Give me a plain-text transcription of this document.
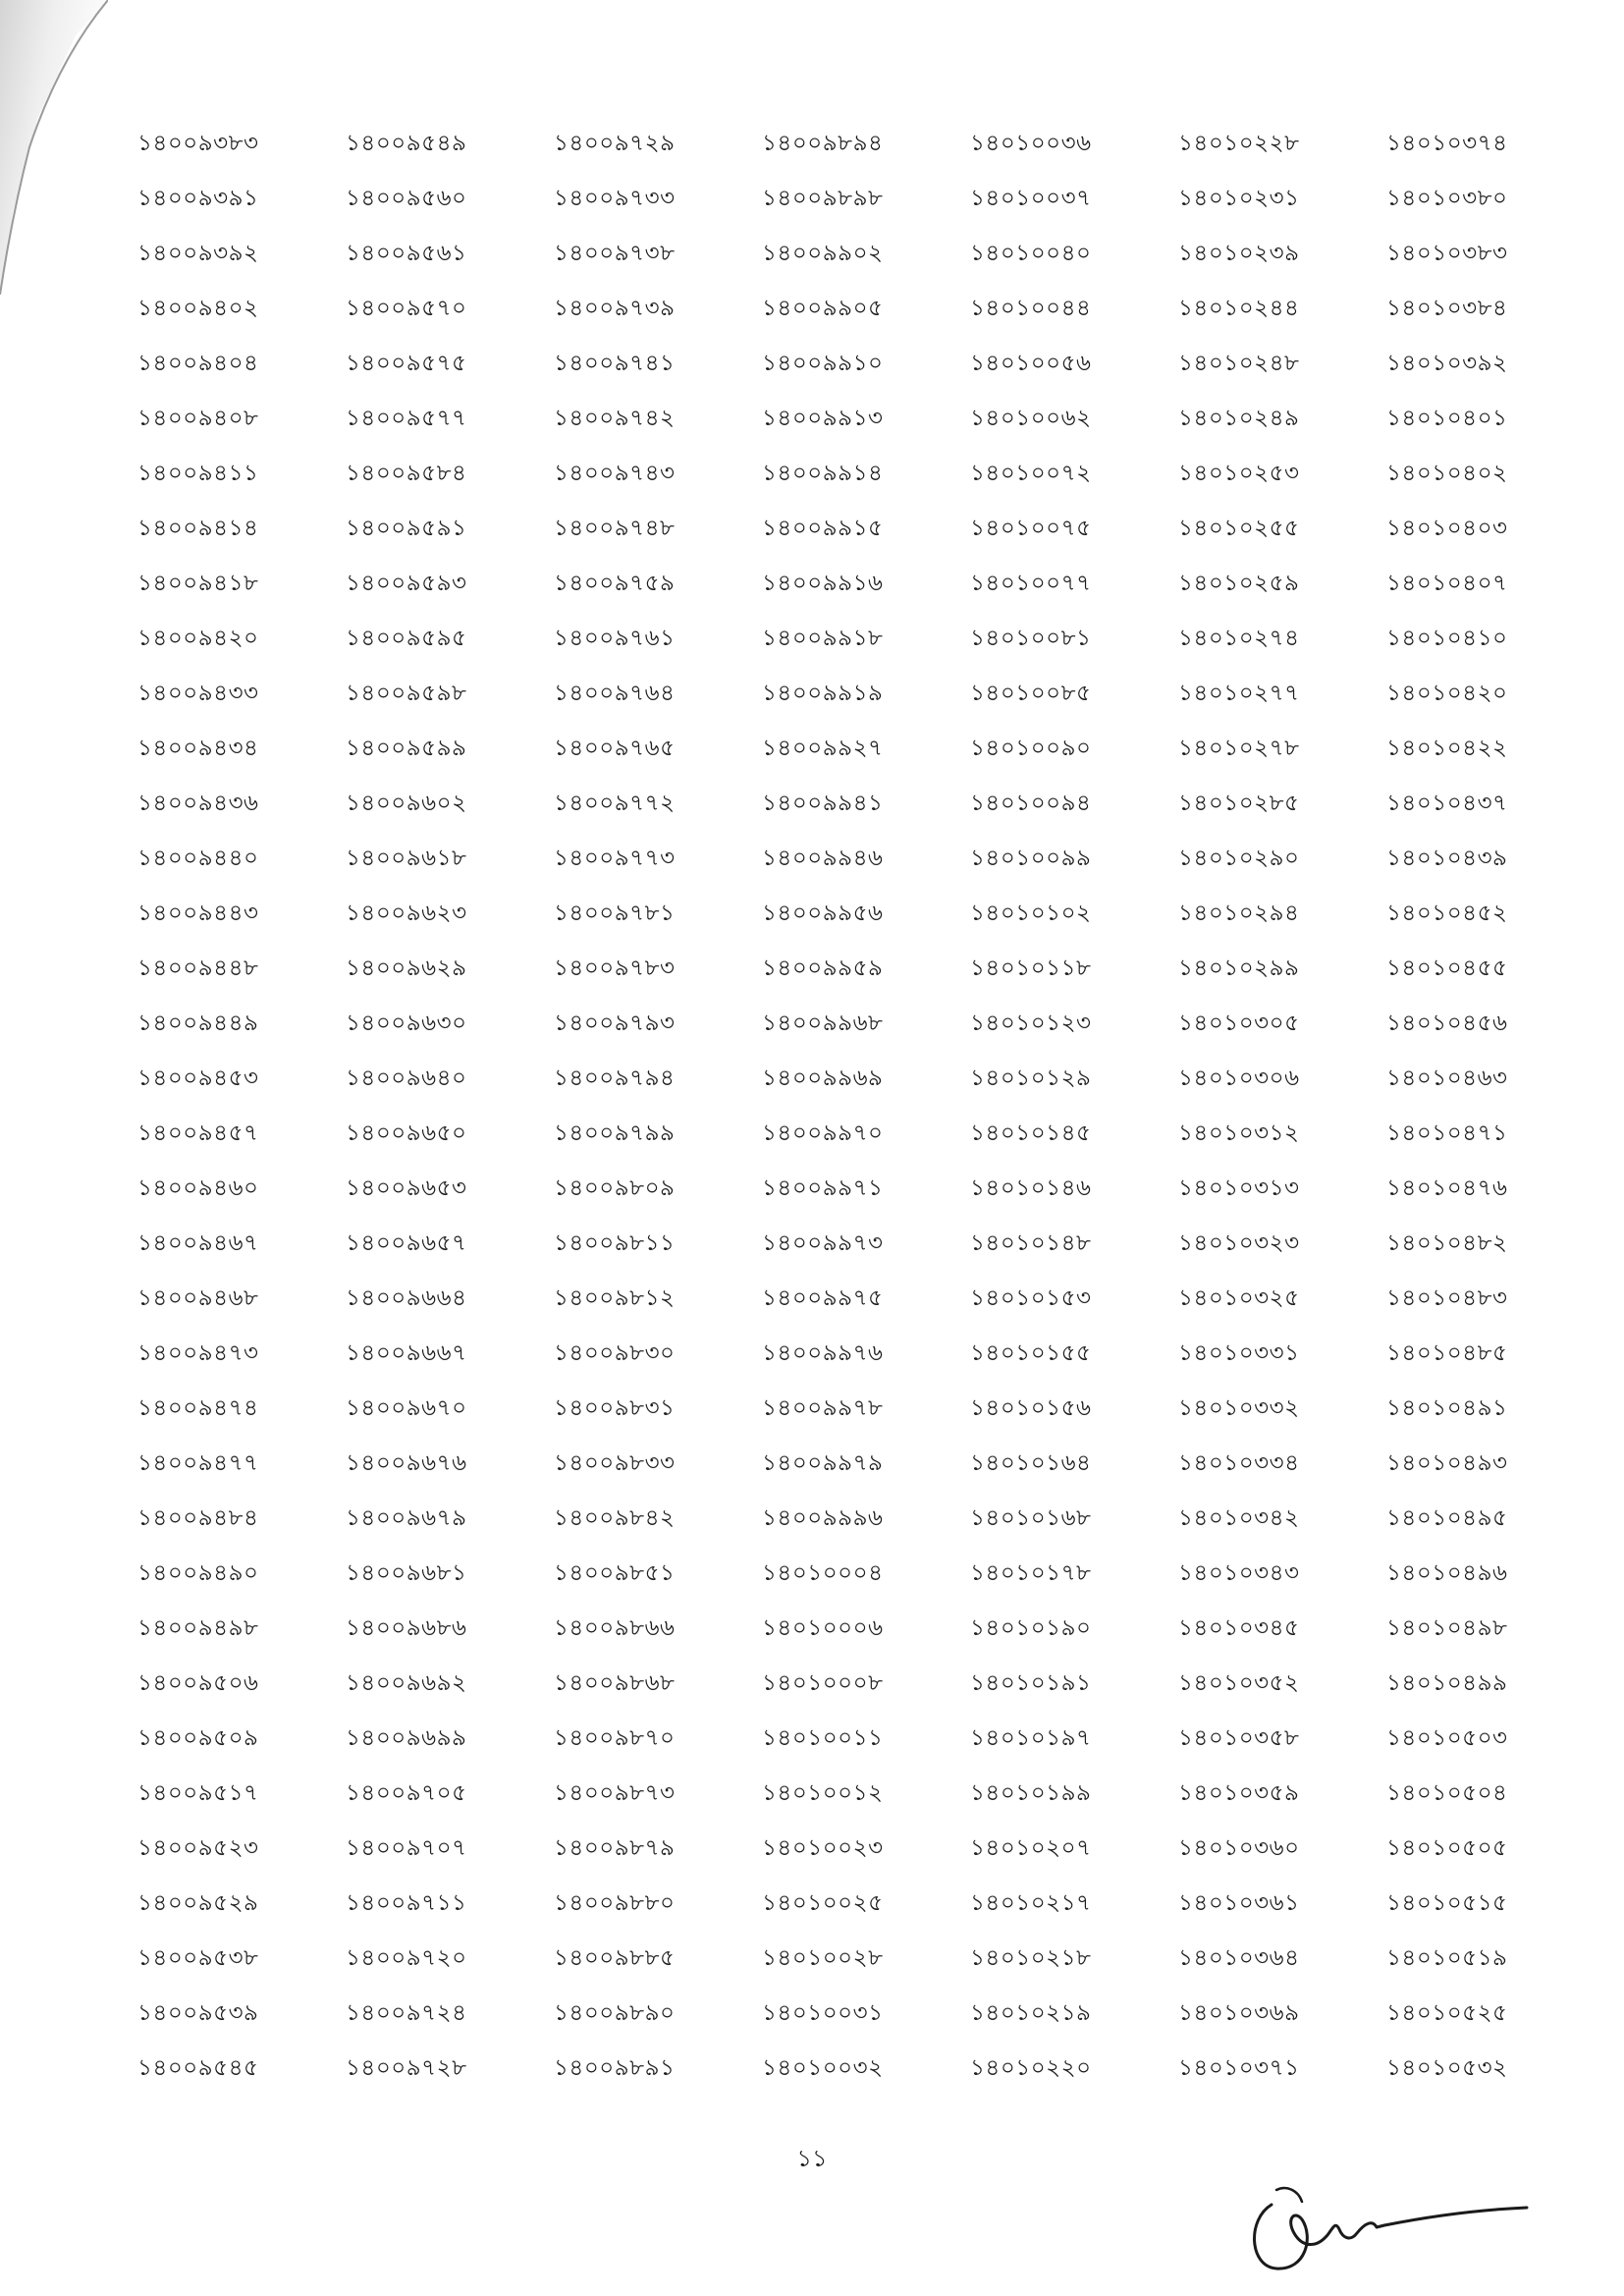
১৪০০৯৩৮৩	১৪০০৯৫৪৯	১৪০০৯৭২৯	১৪০০৯৮৯৪	১৪০১০০৩৬	১৪০১০২২৮	১৪০১০৩৭৪
১৪০০৯৩৯১	১৪০০৯৫৬০	১৪০০৯৭৩৩	১৪০০৯৮৯৮	১৪০১০০৩৭	১৪০১০২৩১	১৪০১০৩৮০
১৪০০৯৩৯২	১৪০০৯৫৬১	১৪০০৯৭৩৮	১৪০০৯৯০২	১৪০১০০৪০	১৪০১০২৩৯	১৪০১০৩৮৩
১৪০০৯৪০২	১৪০০৯৫৭০	১৪০০৯৭৩৯	১৪০০৯৯০৫	১৪০১০০৪৪	১৪০১০২৪৪	১৪০১০৩৮৪
১৪০০৯৪০৪	১৪০০৯৫৭৫	১৪০০৯৭৪১	১৪০০৯৯১০	১৪০১০০৫৬	১৪০১০২৪৮	১৪০১০৩৯২
১৪০০৯৪০৮	১৪০০৯৫৭৭	১৪০০৯৭৪২	১৪০০৯৯১৩	১৪০১০০৬২	১৪০১০২৪৯	১৪০১০৪০১
১৪০০৯৪১১	১৪০০৯৫৮৪	১৪০০৯৭৪৩	১৪০০৯৯১৪	১৪০১০০৭২	১৪০১০২৫৩	১৪০১০৪০২
১৪০০৯৪১৪	১৪০০৯৫৯১	১৪০০৯৭৪৮	১৪০০৯৯১৫	১৪০১০০৭৫	১৪০১০২৫৫	১৪০১০৪০৩
১৪০০৯৪১৮	১৪০০৯৫৯৩	১৪০০৯৭৫৯	১৪০০৯৯১৬	১৪০১০০৭৭	১৪০১০২৫৯	১৪০১০৪০৭
১৪০০৯৪২০	১৪০০৯৫৯৫	১৪০০৯৭৬১	১৪০০৯৯১৮	১৪০১০০৮১	১৪০১০২৭৪	১৪০১০৪১০
১৪০০৯৪৩৩	১৪০০৯৫৯৮	১৪০০৯৭৬৪	১৪০০৯৯১৯	১৪০১০০৮৫	১৪০১০২৭৭	১৪০১০৪২০
১৪০০৯৪৩৪	১৪০০৯৫৯৯	১৪০০৯৭৬৫	১৪০০৯৯২৭	১৪০১০০৯০	১৪০১০২৭৮	১৪০১০৪২২
১৪০০৯৪৩৬	১৪০০৯৬০২	১৪০০৯৭৭২	১৪০০৯৯৪১	১৪০১০০৯৪	১৪০১০২৮৫	১৪০১০৪৩৭
১৪০০৯৪৪০	১৪০০৯৬১৮	১৪০০৯৭৭৩	১৪০০৯৯৪৬	১৪০১০০৯৯	১৪০১০২৯০	১৪০১০৪৩৯
১৪০০৯৪৪৩	১৪০০৯৬২৩	১৪০০৯৭৮১	১৪০০৯৯৫৬	১৪০১০১০২	১৪০১০২৯৪	১৪০১০৪৫২
১৪০০৯৪৪৮	১৪০০৯৬২৯	১৪০০৯৭৮৩	১৪০০৯৯৫৯	১৪০১০১১৮	১৪০১০২৯৯	১৪০১০৪৫৫
১৪০০৯৪৪৯	১৪০০৯৬৩০	১৪০০৯৭৯৩	১৪০০৯৯৬৮	১৪০১০১২৩	১৪০১০৩০৫	১৪০১০৪৫৬
১৪০০৯৪৫৩	১৪০০৯৬৪০	১৪০০৯৭৯৪	১৪০০৯৯৬৯	১৪০১০১২৯	১৪০১০৩০৬	১৪০১০৪৬৩
১৪০০৯৪৫৭	১৪০০৯৬৫০	১৪০০৯৭৯৯	১৪০০৯৯৭০	১৪০১০১৪৫	১৪০১০৩১২	১৪০১০৪৭১
১৪০০৯৪৬০	১৪০০৯৬৫৩	১৪০০৯৮০৯	১৪০০৯৯৭১	১৪০১০১৪৬	১৪০১০৩১৩	১৪০১০৪৭৬
১৪০০৯৪৬৭	১৪০০৯৬৫৭	১৪০০৯৮১১	১৪০০৯৯৭৩	১৪০১০১৪৮	১৪০১০৩২৩	১৪০১০৪৮২
১৪০০৯৪৬৮	১৪০০৯৬৬৪	১৪০০৯৮১২	১৪০০৯৯৭৫	১৪০১০১৫৩	১৪০১০৩২৫	১৪০১০৪৮৩
১৪০০৯৪৭৩	১৪০০৯৬৬৭	১৪০০৯৮৩০	১৪০০৯৯৭৬	১৪০১০১৫৫	১৪০১০৩৩১	১৪০১০৪৮৫
১৪০০৯৪৭৪	১৪০০৯৬৭০	১৪০০৯৮৩১	১৪০০৯৯৭৮	১৪০১০১৫৬	১৪০১০৩৩২	১৪০১০৪৯১
১৪০০৯৪৭৭	১৪০০৯৬৭৬	১৪০০৯৮৩৩	১৪০০৯৯৭৯	১৪০১০১৬৪	১৪০১০৩৩৪	১৪০১০৪৯৩
১৪০০৯৪৮৪	১৪০০৯৬৭৯	১৪০০৯৮৪২	১৪০০৯৯৯৬	১৪০১০১৬৮	১৪০১০৩৪২	১৪০১০৪৯৫
১৪০০৯৪৯০	১৪০০৯৬৮১	১৪০০৯৮৫১	১৪০১০০০৪	১৪০১০১৭৮	১৪০১০৩৪৩	১৪০১০৪৯৬
১৪০০৯৪৯৮	১৪০০৯৬৮৬	১৪০০৯৮৬৬	১৪০১০০০৬	১৪০১০১৯০	১৪০১০৩৪৫	১৪০১০৪৯৮
১৪০০৯৫০৬	১৪০০৯৬৯২	১৪০০৯৮৬৮	১৪০১০০০৮	১৪০১০১৯১	১৪০১০৩৫২	১৪০১০৪৯৯
১৪০০৯৫০৯	১৪০০৯৬৯৯	১৪০০৯৮৭০	১৪০১০০১১	১৪০১০১৯৭	১৪০১০৩৫৮	১৪০১০৫০৩
১৪০০৯৫১৭	১৪০০৯৭০৫	১৪০০৯৮৭৩	১৪০১০০১২	১৪০১০১৯৯	১৪০১০৩৫৯	১৪০১০৫০৪
১৪০০৯৫২৩	১৪০০৯৭০৭	১৪০০৯৮৭৯	১৪০১০০২৩	১৪০১০২০৭	১৪০১০৩৬০	১৪০১০৫০৫
১৪০০৯৫২৯	১৪০০৯৭১১	১৪০০৯৮৮০	১৪০১০০২৫	১৪০১০২১৭	১৪০১০৩৬১	১৪০১০৫১৫
১৪০০৯৫৩৮	১৪০০৯৭২০	১৪০০৯৮৮৫	১৪০১০০২৮	১৪০১০২১৮	১৪০১০৩৬৪	১৪০১০৫১৯
১৪০০৯৫৩৯	১৪০০৯৭২৪	১৪০০৯৮৯০	১৪০১০০৩১	১৪০১০২১৯	১৪০১০৩৬৯	১৪০১০৫২৫
১৪০০৯৫৪৫	১৪০০৯৭২৮	১৪০০৯৮৯১	১৪০১০০৩২	১৪০১০২২০	১৪০১০৩৭১	১৪০১০৫৩২
১১
